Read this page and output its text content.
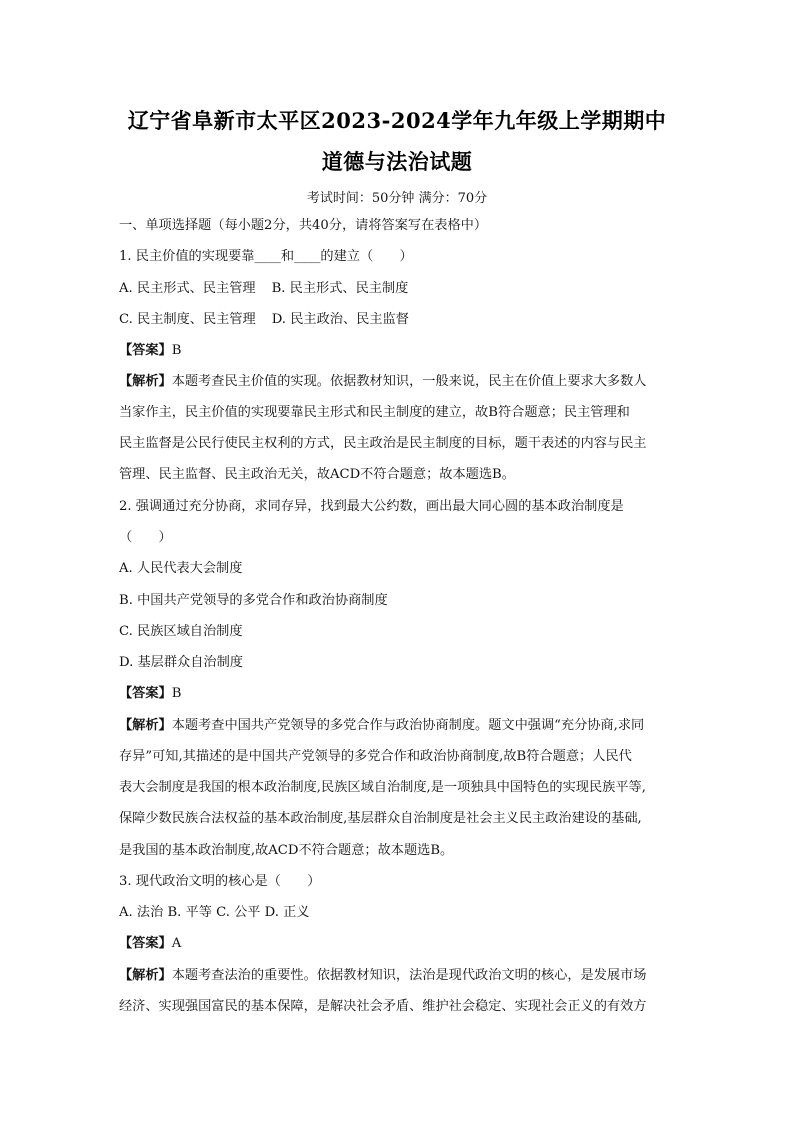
辽宁省阜新市太平区2023-2024学年九年级上学期期中
道德与法治试题
考试时间：50分钟 满分：70分
一、单项选择题（每小题2分，共40分，请将答案写在表格中）
1. 民主价值的实现要靠____和____的建立（　　）
A. 民主形式、民主管理 B. 民主形式、民主制度
C. 民主制度、民主管理 D. 民主政治、民主监督
【答案】B
【解析】本题考查民主价值的实现。依据教材知识，一般来说，民主在价值上要求大多数人
当家作主，民主价值的实现要靠民主形式和民主制度的建立，故B符合题意；民主管理和
民主监督是公民行使民主权利的方式，民主政治是民主制度的目标，题干表述的内容与民主
管理、民主监督、民主政治无关，故ACD不符合题意；故本题选B。
2. 强调通过充分协商，求同存异，找到最大公约数，画出最大同心圆的基本政治制度是
（　　）
A. 人民代表大会制度
B. 中国共产党领导的多党合作和政治协商制度
C. 民族区域自治制度
D. 基层群众自治制度
【答案】B
【解析】本题考查中国共产党领导的多党合作与政治协商制度。题文中强调“充分协商,求同
存异”可知,其描述的是中国共产党领导的多党合作和政治协商制度,故B符合题意；人民代
表大会制度是我国的根本政治制度,民族区域自治制度,是一项独具中国特色的实现民族平等,
保障少数民族合法权益的基本政治制度,基层群众自治制度是社会主义民主政治建设的基础,
是我国的基本政治制度,故ACD不符合题意；故本题选B。
3. 现代政治文明的核心是（　　）
A. 法治 B. 平等 C. 公平 D. 正义
【答案】A
【解析】本题考查法治的重要性。依据教材知识，法治是现代政治文明的核心，是发展市场
经济、实现强国富民的基本保障，是解决社会矛盾、维护社会稳定、实现社会正义的有效方
